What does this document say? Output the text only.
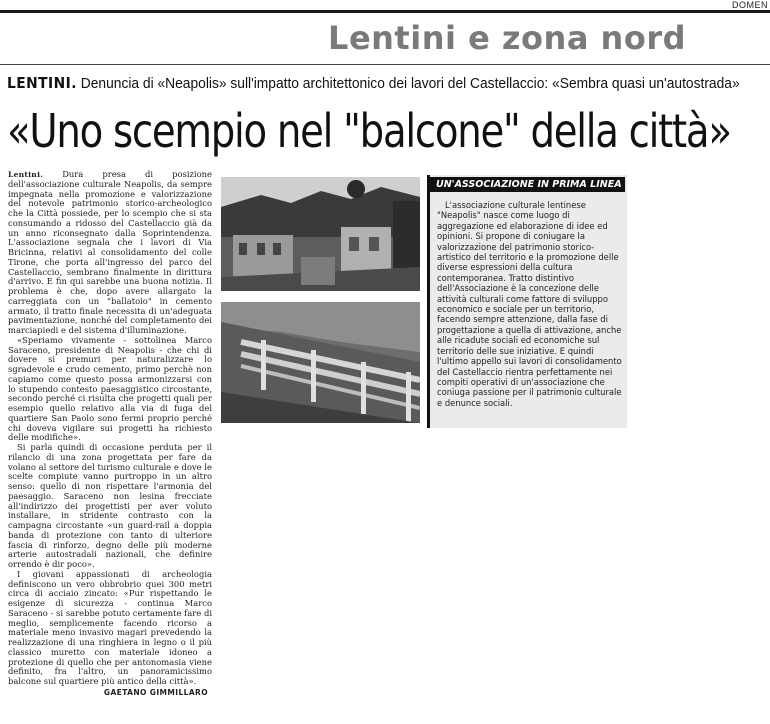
DOMEN
Lentini e zona nord
LENTINI. Denuncia di «Neapolis» sull'impatto architettonico dei lavori del Castellaccio: «Sembra quasi un'autostrada»
«Uno scempio nel "balcone" della città»

Lentini. Dura presa di posizione dell'associazione culturale Neapolis, da sempre impegnata nella promozione e valorizzazione del notevole patrimonio storico-archeologico che la Città possiede, per lo scempio che si sta consumando a ridosso del Castellaccio già da un anno riconsegnato dalla Soprintendenza. L'associazione segnala che i lavori di Via Bricinna, relativi al consolidamento del colle Tirone, che porta all'ingresso del parco del Castellaccio, sembrano finalmente in dirittura d'arrivo. E fin qui sarebbe una buona notizia. Il problema è che, dopo avere allargato la carreggiata con un "ballatoio" in cemento armato, il tratto finale necessita di un'adeguata pavimentazione, nonché del completamento dei marciapiedi e del sistema d'illuminazione.

«Speriamo vivamente - sottolinea Marco Saraceno, presidente di Neapolis - che chi di dovere si premuri per naturalizzare lo sgradevole e crudo cemento, primo perchè non capiamo come questo possa armonizzarsi con lo stupendo contesto paesaggistico circostante, secondo perché ci risulta che progetti quali per esempio quello relativo alla via di fuga del quartiere San Paolo sono fermi proprio perché chi doveva vigilare sui progetti ha richiesto delle modifiche».

Si parla quindi di occasione perduta per il rilancio di una zona progettata per fare da volano al settore del turismo culturale e dove le scelte compiute vanno purtroppo in un altro senso: quello di non rispettare l'armonia del paesaggio. Saraceno non lesina frecciate all'indirizzo dei progettisti per aver voluto installare, in stridente contrasto con la campagna circostante «un guard-rail a doppia banda di protezione con tanto di ulteriore fascia di rinforzo, degno delle più moderne arterie autostradali nazionali, che definire orrendo è dir poco».

I giovani appassionati di archeologia definiscono un vero obbrobrio quei 300 metri circa di acciaio zincato: «Pur rispettando le esigenze di sicurezza - continua Marco Saraceno - si sarebbe potuto certamente fare di meglio, semplicemente facendo ricorso a materiale meno invasivo magari prevedendo la realizzazione di una ringhiera in legno o il più classico muretto con materiale idoneo a protezione di quello che per antonomasia viene definito, fra l'altro, un panoramicissimo balcone sul quartiere più antico della città».

GAETANO GIMMILLARO
UN'ASSOCIAZIONE IN PRIMA LINEA

L'associazione culturale lentinese "Neapolis" nasce come luogo di aggregazione ed elaborazione di idee ed opinioni. Si propone di coniugare la valorizzazione del patrimonio storico-artistico del territorio e la promozione delle diverse espressioni della cultura contemporanea. Tratto distintivo dell'Associazione è la concezione delle attività culturali come fattore di sviluppo economico e sociale per un territorio, facendo sempre attenzione, dalla fase di progettazione a quella di attivazione, anche alle ricadute sociali ed economiche sul territorio delle sue iniziative. E quindi l'ultimo appello sui lavori di consolidamento del Castellaccio rientra perfettamente nei compiti operativi di un'associazione che coniuga passione per il patrimonio culturale e denunce sociali.
